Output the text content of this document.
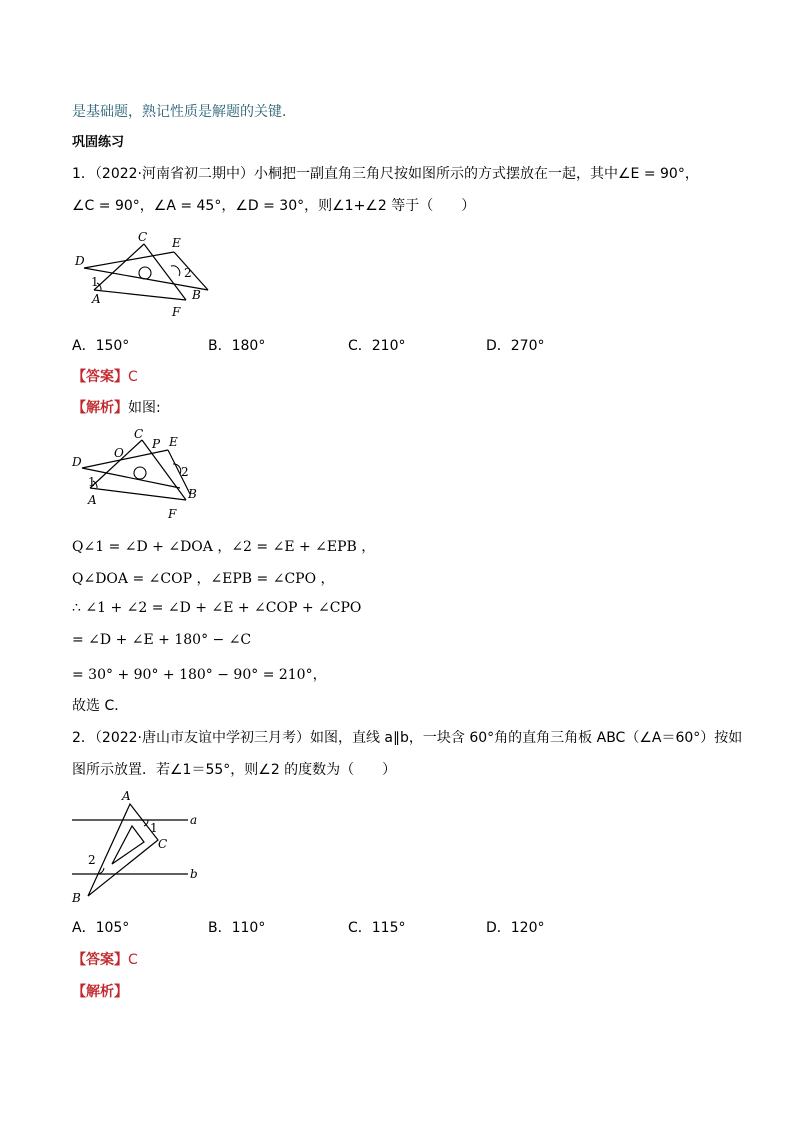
是基础题，熟记性质是解题的关键．
巩固练习
1．（2022·河南省初二期中）小桐把一副直角三角尺按如图所示的方式摆放在一起，其中∠E = 90°，
∠C = 90°，∠A = 45°，∠D = 30°，则∠1+∠2 等于（　　）
D
C E
1
A
2
B
F
A．150°	B．180°	C．210°	D．270°
【答案】C
【解析】如图:
D
O
C
P E
1
A
2
B
F
Q∠1 = ∠D + ∠DOA ，∠2 = ∠E + ∠EPB ，
Q∠DOA = ∠COP ，∠EPB = ∠CPO ，
∴ ∠1 + ∠2 = ∠D + ∠E + ∠COP + ∠CPO
= ∠D + ∠E + 180° − ∠C
= 30° + 90° + 180° − 90° = 210°，
故选 C．
2．（2022·唐山市友谊中学初三月考）如图，直线 a∥b，一块含 60°角的直角三角板 ABC（∠A＝60°）按如
图所示放置．若∠1＝55°，则∠2 的度数为（　　）
A
a
1
C
2
b
B
A．105°	B．110°	C．115°	D．120°
【答案】C
【解析】
